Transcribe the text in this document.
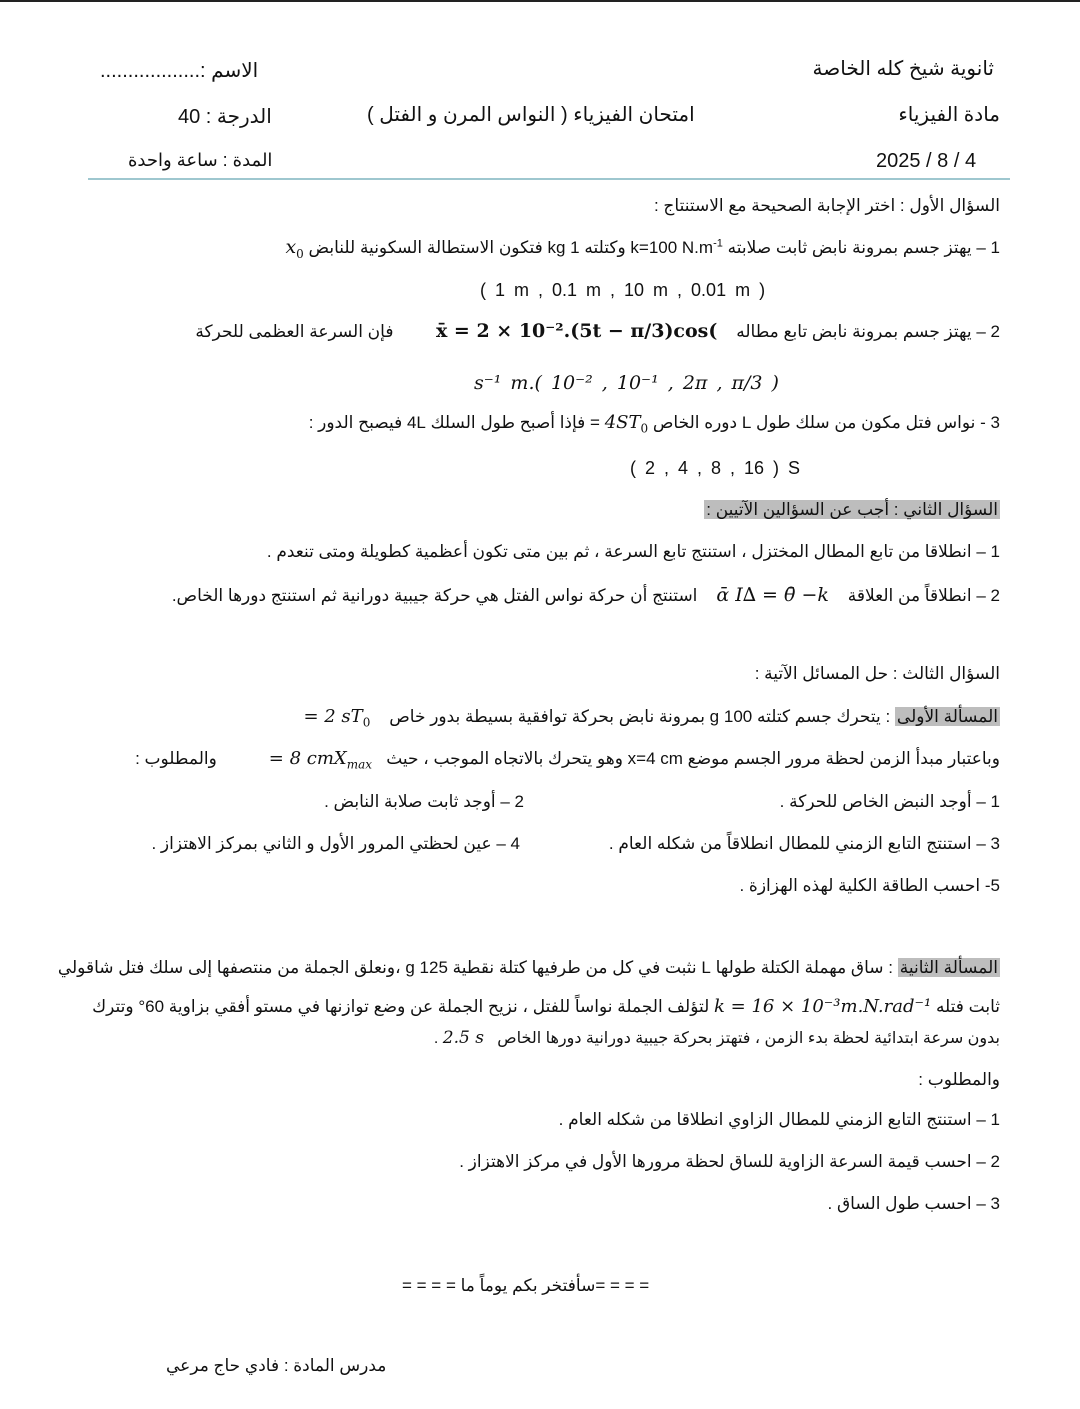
ثانوية شيخ كله الخاصة
الاسم :..................
مادة الفيزياء
امتحان الفيزياء ( النواس المرن و الفتل )
الدرجة : 40
2025 / 8 / 4
المدة : ساعة واحدة
السؤال الأول : اختر الإجابة الصحيحة مع الاستنتاج :
1 – يهتز جسم بمرونة نابض ثابت صلابته k=100 $N.m^{-1}$ وكتلته 1 kg فتكون الاستطالة السكونية للنابض $x_0$
( 1 m , 0.1 m , 10 m , 0.01 m )
2 – يهتز جسم بمرونة نابض تابع مطاله    x̄ = 2 × 10⁻².(5t − π/3)cos(         فإن السرعة العظمى للحركة
s⁻¹ m.( 10⁻² , 10⁻¹ , 2π , π/3 )
3 - نواس فتل مكون من سلك طول L دوره الخاص $4ST_0$ = فإذا أصبح طول السلك 4L فيصبح الدور :
( 2 , 4 , 8 , 16 ) S
السؤال الثاني : أجب عن السؤالين الآتيين :
1 – انطلاقا من تابع المطال المختزل ، استنتج تابع السرعة ، ثم بين متى تكون أعظمية كطويلة ومتى تنعدم .
2 – انطلاقاً من العلاقة    ᾱ I∆ = θ̄ −k    استنتج أن حركة نواس الفتل هي حركة جيبية دورانية ثم استنتج دورها الخاص.
السؤال الثالث : حل المسائل الآتية :
المسألة الأولى : يتحرك جسم كتلته 100 g بمرونة نابض بحركة توافقية بسيطة بدور خاص    = 2 $sT_0$
وباعتبار مبدأ الزمن لحظة مرور الجسم موضع x=4 cm وهو يتحرك بالاتجاه الموجب ، حيث   = 8 cmX$_{max}$           والمطلوب :
1 – أوجد النبض الخاص للحركة .
2 – أوجد ثابت صلابة النابض .
3 – استنتج التابع الزمني للمطال انطلاقاً من شكله العام .
4 – عين لحظتي المرور الأول و الثاني بمركز الاهتزاز .
5- احسب الطاقة الكلية لهذه الهزازة .
المسألة الثانية : ساق مهملة الكتلة طولها L نثبت في كل من طرفيها كتلة نقطية 125 g ،ونعلق الجملة من منتصفها إلى سلك فتل شاقولي
ثابت فتله k = 16 × 10⁻³m.N.rad⁻¹ لتؤلف الجملة نواساً للفتل ، نزيح الجملة عن وضع توازنها في مستو أفقي بزاوية 60° وتترك
بدون سرعة ابتدائية لحظة بدء الزمن ، فتهتز بحركة جيبية دورانية دورها الخاص   2.5 s .
والمطلوب :
1 – استنتج التابع الزمني للمطال الزاوي انطلاقا من شكله العام .
2 – احسب قيمة السرعة الزاوية للساق لحظة مرورها الأول في مركز الاهتزاز .
3 – احسب طول الساق .
= = = =سأفتخر بكم يوماً ما = = = =
مدرس المادة : فادي حاج مرعي
